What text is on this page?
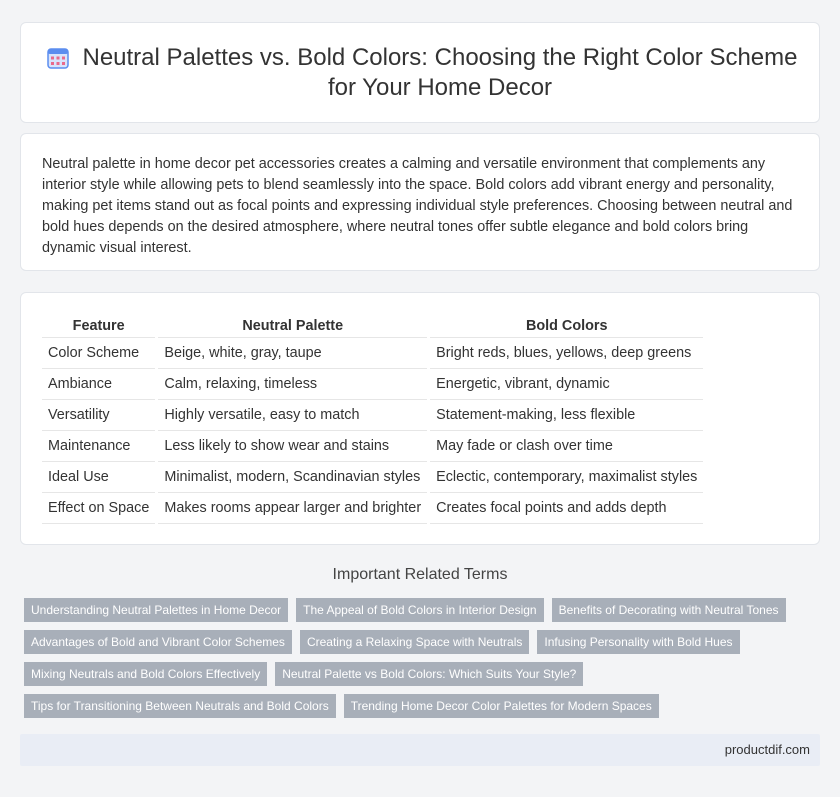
Neutral Palettes vs. Bold Colors: Choosing the Right Color Scheme for Your Home Decor

Neutral palette in home decor pet accessories creates a calming and versatile environment that complements any interior style while allowing pets to blend seamlessly into the space. Bold colors add vibrant energy and personality, making pet items stand out as focal points and expressing individual style preferences. Choosing between neutral and bold hues depends on the desired atmosphere, where neutral tones offer subtle elegance and bold colors bring dynamic visual interest.

Feature	Neutral Palette	Bold Colors
Color Scheme	Beige, white, gray, taupe	Bright reds, blues, yellows, deep greens
Ambiance	Calm, relaxing, timeless	Energetic, vibrant, dynamic
Versatility	Highly versatile, easy to match	Statement-making, less flexible
Maintenance	Less likely to show wear and stains	May fade or clash over time
Ideal Use	Minimalist, modern, Scandinavian styles	Eclectic, contemporary, maximalist styles
Effect on Space	Makes rooms appear larger and brighter	Creates focal points and adds depth
Important Related Terms
Understanding Neutral Palettes in Home Decor	The Appeal of Bold Colors in Interior Design	Benefits of Decorating with Neutral Tones
Advantages of Bold and Vibrant Color Schemes	Creating a Relaxing Space with Neutrals	Infusing Personality with Bold Hues
Mixing Neutrals and Bold Colors Effectively	Neutral Palette vs Bold Colors: Which Suits Your Style?
Tips for Transitioning Between Neutrals and Bold Colors	Trending Home Decor Color Palettes for Modern Spaces
productdif.com
